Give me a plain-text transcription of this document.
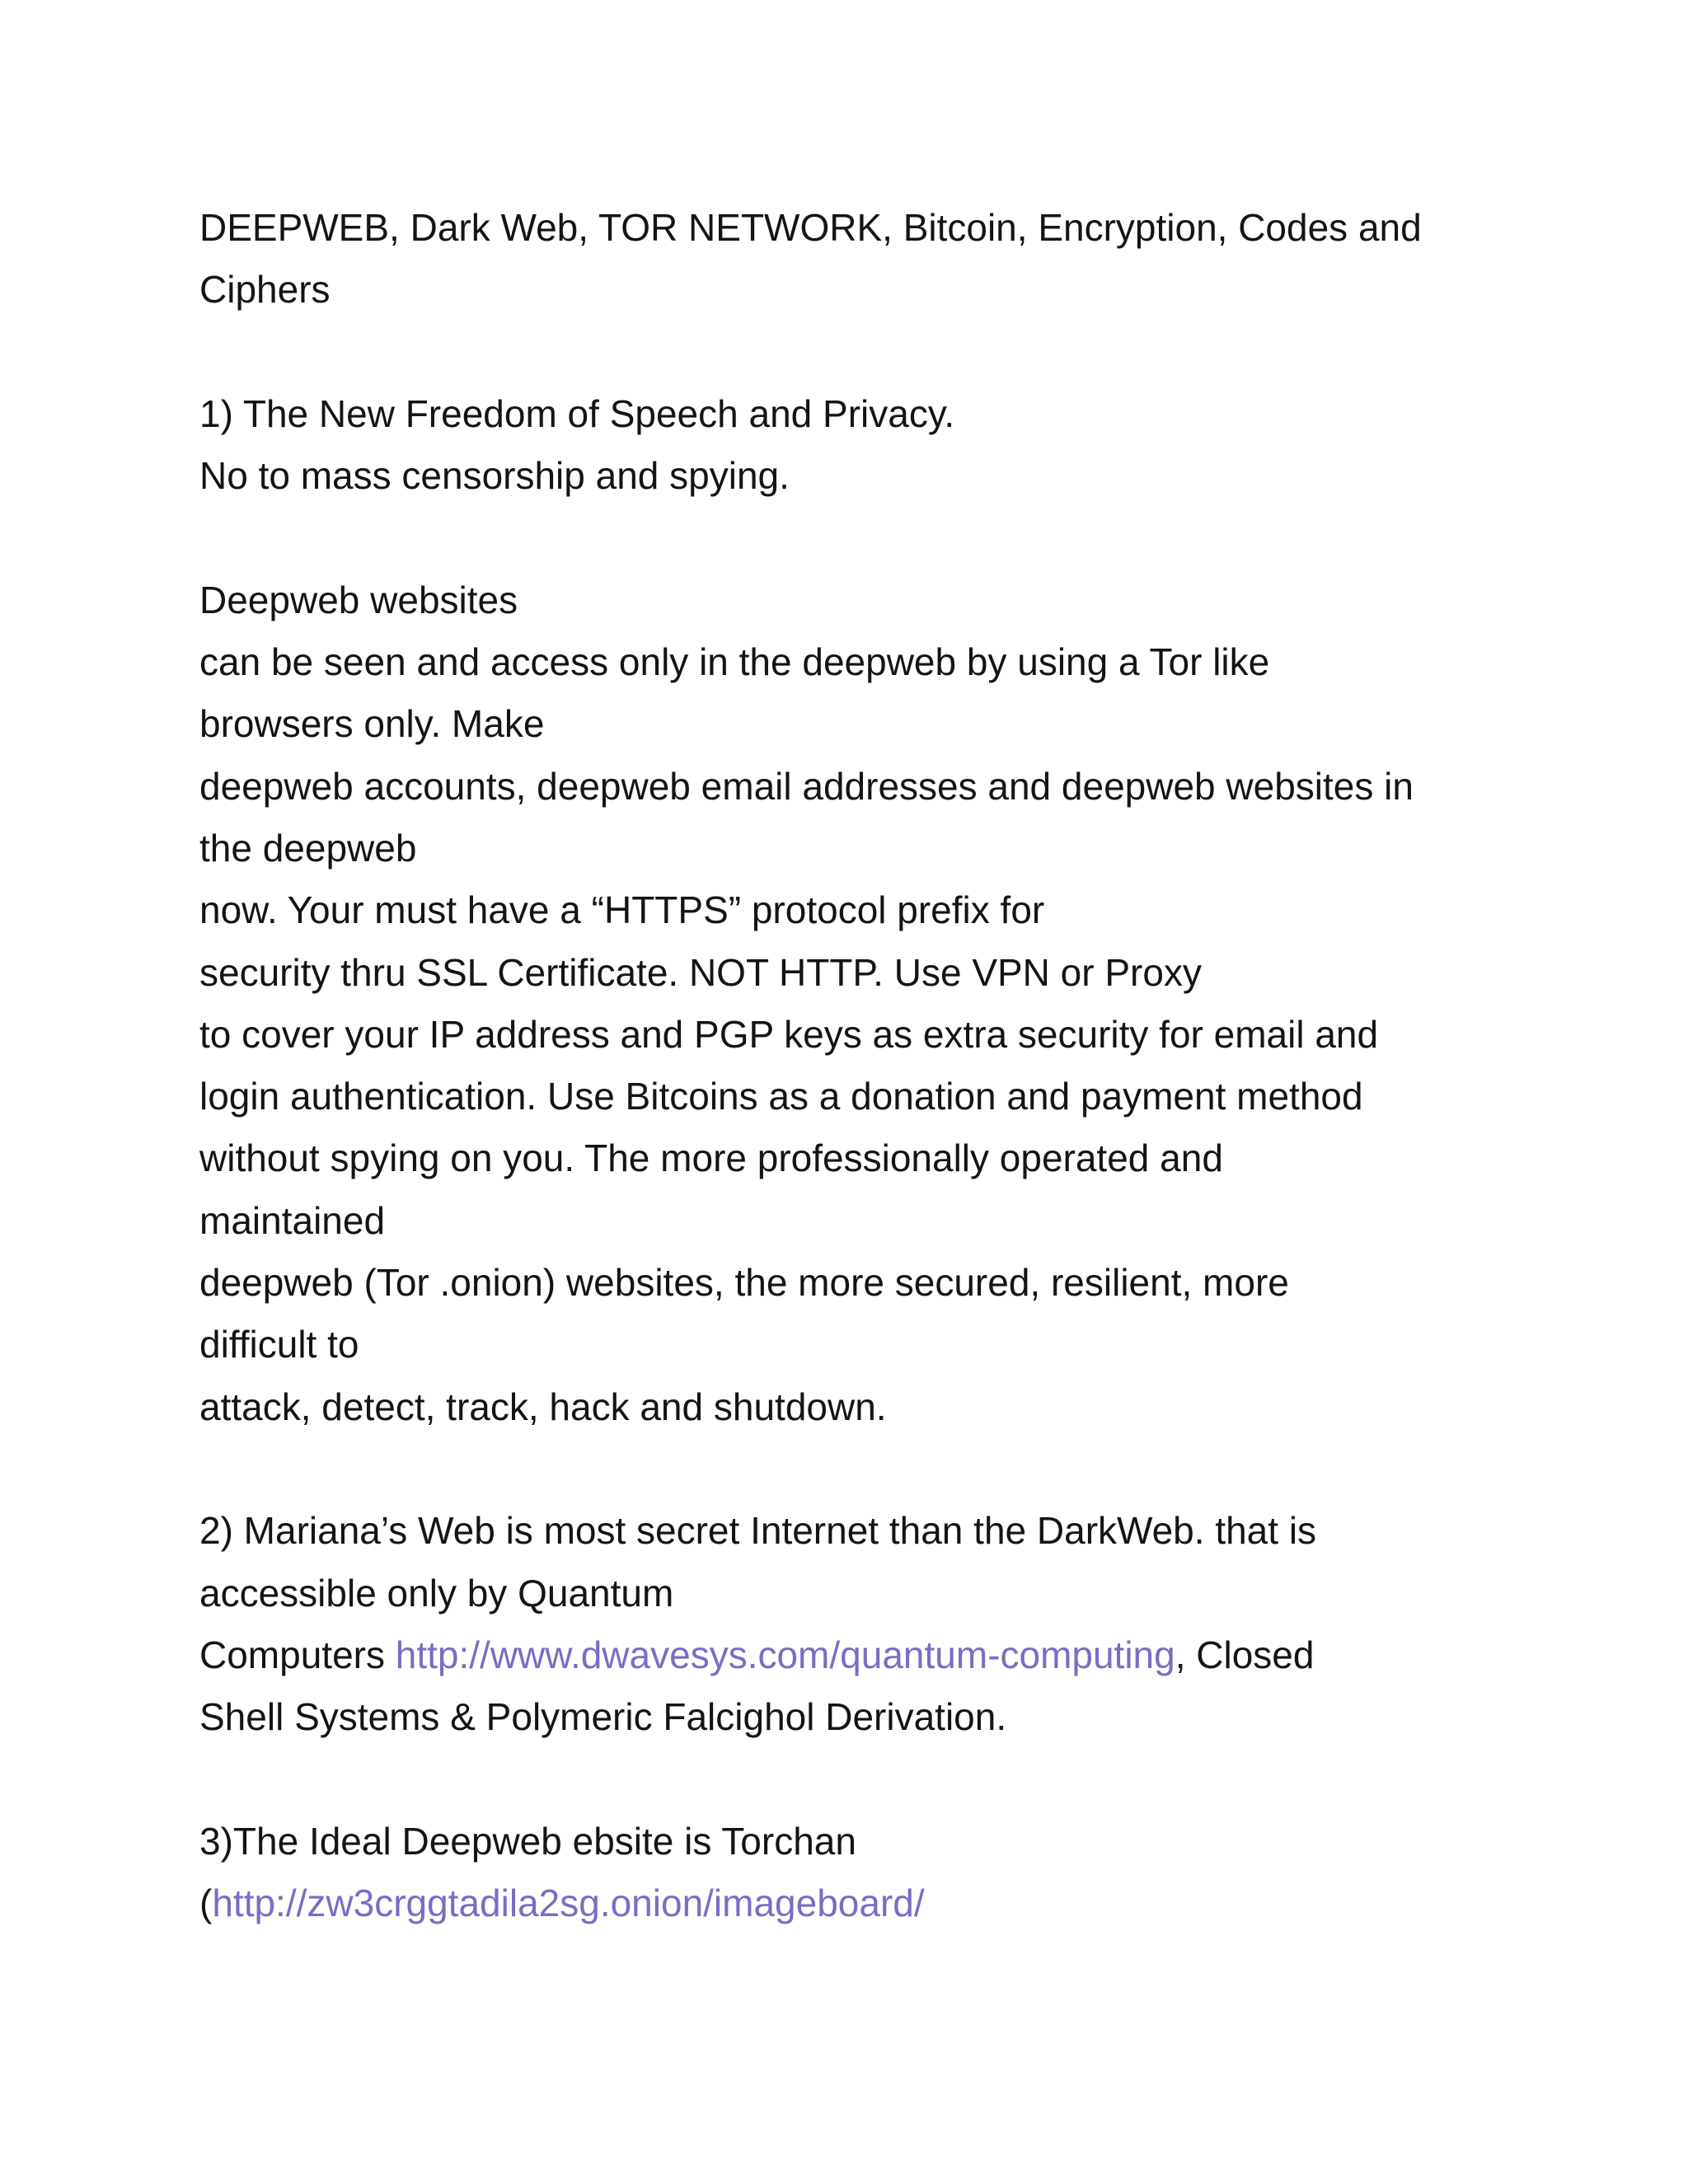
DEEPWEB, Dark Web, TOR NETWORK, Bitcoin, Encryption, Codes and
Ciphers
1) The New Freedom of Speech and Privacy.
No to mass censorship and spying.
Deepweb websites
can be seen and access only in the deepweb by using a Tor like
browsers only. Make
deepweb accounts, deepweb email addresses and deepweb websites in
the deepweb
now. Your must have a “HTTPS” protocol prefix for
security thru SSL Certificate. NOT HTTP. Use VPN or Proxy
to cover your IP address and PGP keys as extra security for email and
login authentication. Use Bitcoins as a donation and payment method
without spying on you. The more professionally operated and
maintained
deepweb (Tor .onion) websites, the more secured, resilient, more
difficult to
attack, detect, track, hack and shutdown.
2) Mariana’s Web is most secret Internet than the DarkWeb. that is
accessible only by Quantum
Computers http://www.dwavesys.com/quantum-computing, Closed
Shell Systems & Polymeric Falcighol Derivation.
3)The Ideal Deepweb ebsite is Torchan
(http://zw3crggtadila2sg.onion/imageboard/
